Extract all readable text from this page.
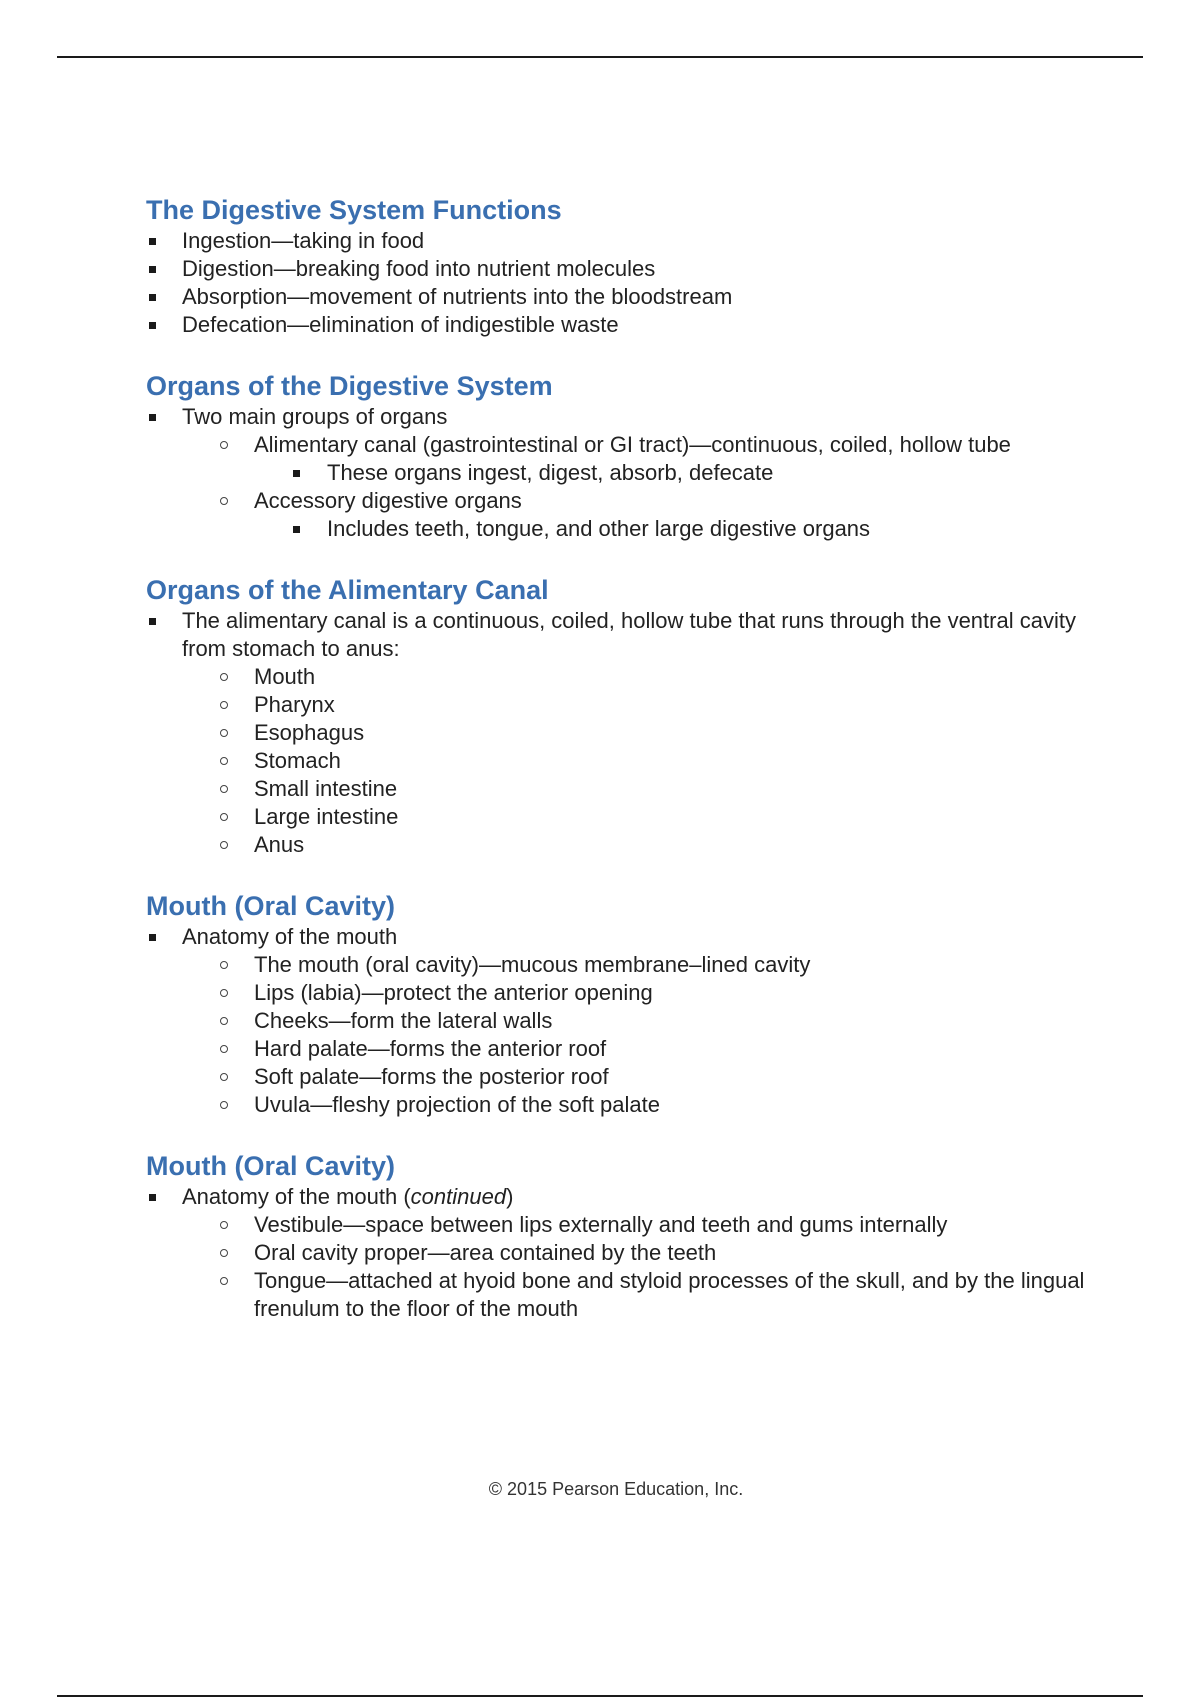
The Digestive System Functions
Ingestion—taking in food
Digestion—breaking food into nutrient molecules
Absorption—movement of nutrients into the bloodstream
Defecation—elimination of indigestible waste
Organs of the Digestive System
Two main groups of organs
Alimentary canal (gastrointestinal or GI tract)—continuous, coiled, hollow tube
These organs ingest, digest, absorb, defecate
Accessory digestive organs
Includes teeth, tongue, and other large digestive organs
Organs of the Alimentary Canal
The alimentary canal is a continuous, coiled, hollow tube that runs through the ventral cavity from stomach to anus:
Mouth
Pharynx
Esophagus
Stomach
Small intestine
Large intestine
Anus
Mouth (Oral Cavity)
Anatomy of the mouth
The mouth (oral cavity)—mucous membrane–lined cavity
Lips (labia)—protect the anterior opening
Cheeks—form the lateral walls
Hard palate—forms the anterior roof
Soft palate—forms the posterior roof
Uvula—fleshy projection of the soft palate
Mouth (Oral Cavity)
Anatomy of the mouth (continued)
Vestibule—space between lips externally and teeth and gums internally
Oral cavity proper—area contained by the teeth
Tongue—attached at hyoid bone and styloid processes of the skull, and by the lingual frenulum to the floor of the mouth
© 2015 Pearson Education, Inc.
